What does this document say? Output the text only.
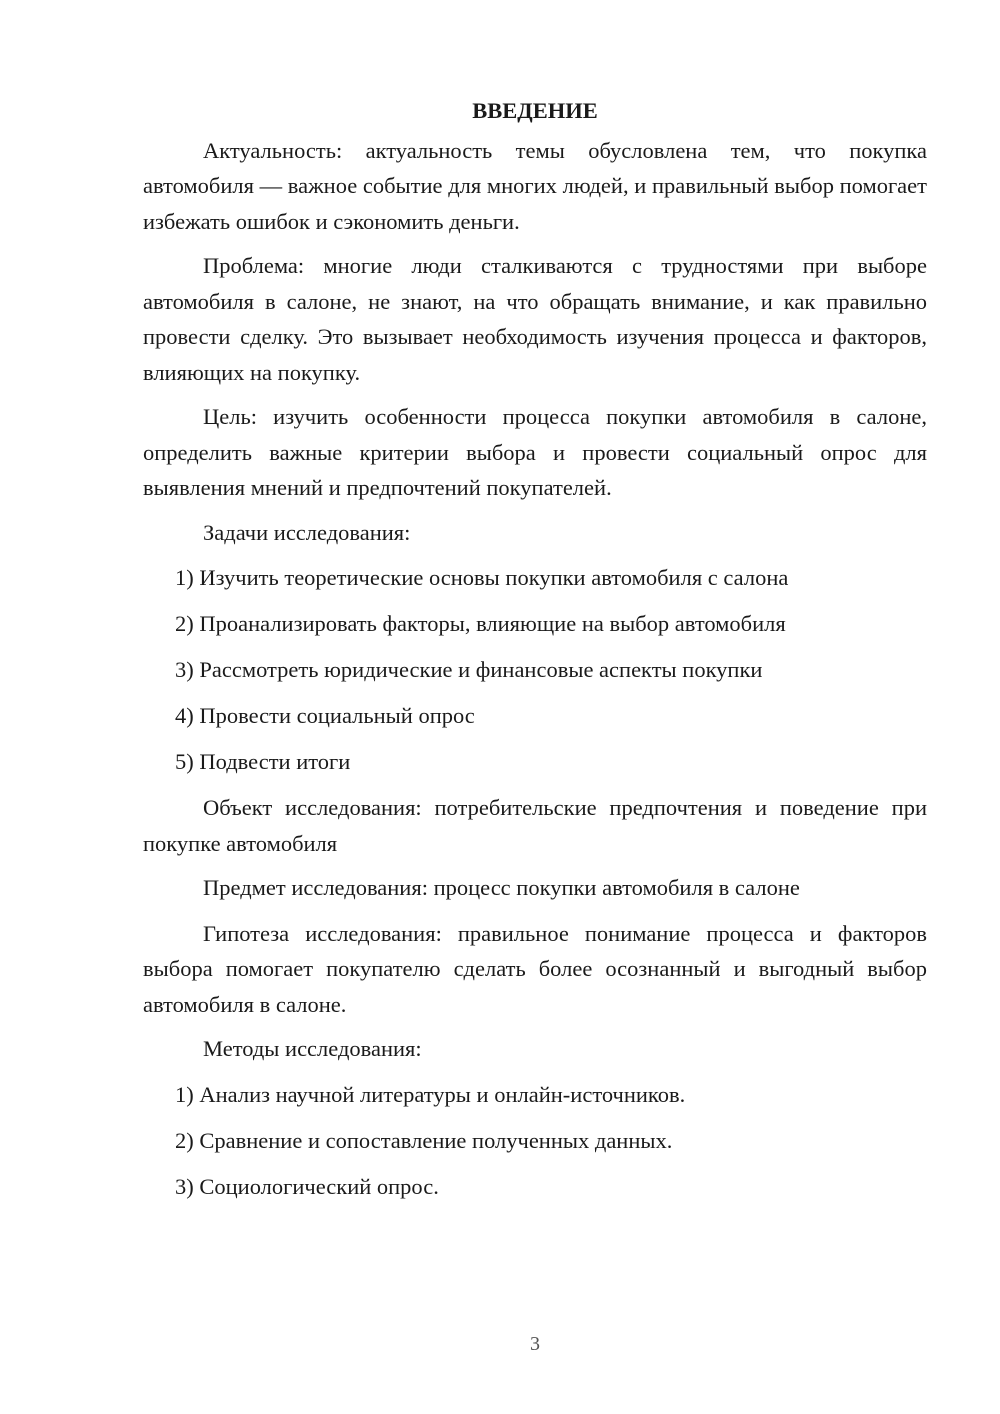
ВВЕДЕНИЕ

Актуальность: актуальность темы обусловлена тем, что покупка автомобиля — важное событие для многих людей, и правильный выбор помогает избежать ошибок и сэкономить деньги.

Проблема: многие люди сталкиваются с трудностями при выборе автомобиля в салоне, не знают, на что обращать внимание, и как правильно провести сделку. Это вызывает необходимость изучения процесса и факторов, влияющих на покупку.

Цель: изучить особенности процесса покупки автомобиля в салоне, определить важные критерии выбора и провести социальный опрос для выявления мнений и предпочтений покупателей.

Задачи исследования:

1) Изучить теоретические основы покупки автомобиля с салона
2) Проанализировать факторы, влияющие на выбор автомобиля
3) Рассмотреть юридические и финансовые аспекты покупки
4) Провести социальный опрос
5) Подвести итоги

Объект исследования: потребительские предпочтения и поведение при покупке автомобиля

Предмет исследования: процесс покупки автомобиля в салоне

Гипотеза исследования: правильное понимание процесса и факторов выбора помогает покупателю сделать более осознанный и выгодный выбор автомобиля в салоне.

Методы исследования:

1) Анализ научной литературы и онлайн-источников.
2) Сравнение и сопоставление полученных данных.
3) Социологический опрос.
3
